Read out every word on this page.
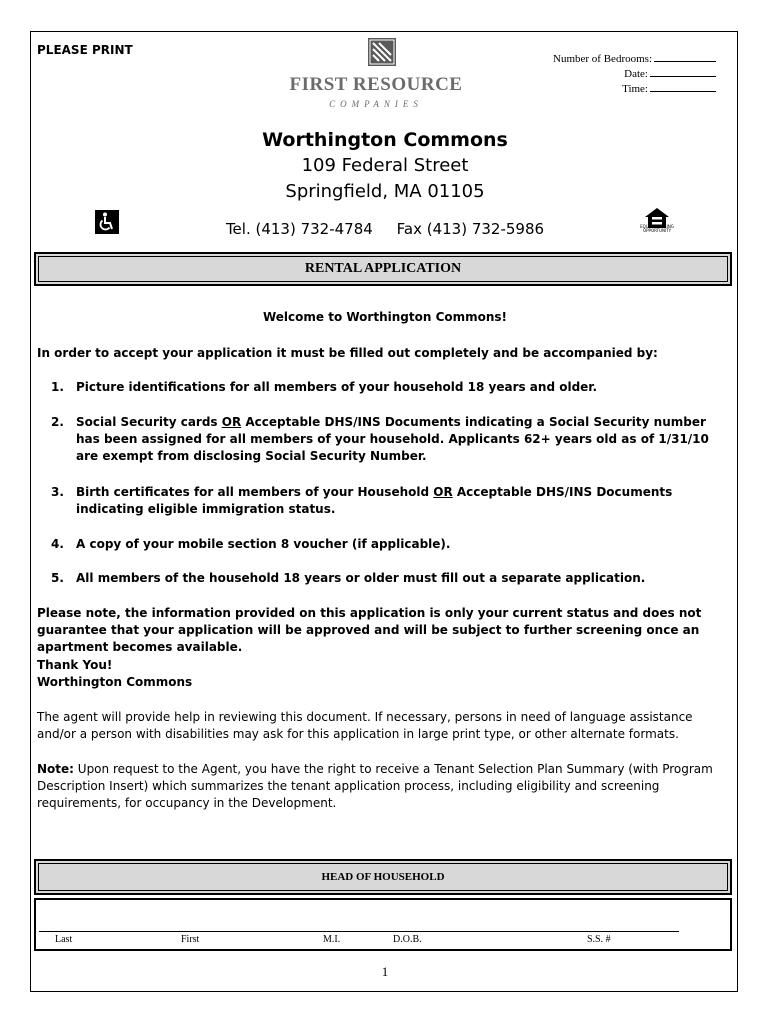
PLEASE PRINT
Number of Bedrooms:
Date:
Time:
FIRST RESOURCE
COMPANIES
Worthington Commons
109 Federal Street
Springfield, MA 01105
Tel. (413) 732-4784     Fax (413) 732-5986	EQUAL HOUSING OPPORTUNITY
RENTAL APPLICATION
Welcome to Worthington Commons!
In order to accept your application it must be filled out completely and be accompanied by:
1. Picture identifications for all members of your household 18 years and older.
2. Social Security cards OR Acceptable DHS/INS Documents indicating a Social Security number has been assigned for all members of your household. Applicants 62+ years old as of 1/31/10 are exempt from disclosing Social Security Number.
3. Birth certificates for all members of your Household OR Acceptable DHS/INS Documents indicating eligible immigration status.
4. A copy of your mobile section 8 voucher (if applicable).
5. All members of the household 18 years or older must fill out a separate application.
Please note, the information provided on this application is only your current status and does not guarantee that your application will be approved and will be subject to further screening once an apartment becomes available.
Thank You!
Worthington Commons
The agent will provide help in reviewing this document. If necessary, persons in need of language assistance and/or a person with disabilities may ask for this application in large print type, or other alternate formats.
Note: Upon request to the Agent, you have the right to receive a Tenant Selection Plan Summary (with Program Description Insert) which summarizes the tenant application process, including eligibility and screening requirements, for occupancy in the Development.
HEAD OF HOUSEHOLD
Last	First	M.I.	D.O.B.	S.S. #
1
